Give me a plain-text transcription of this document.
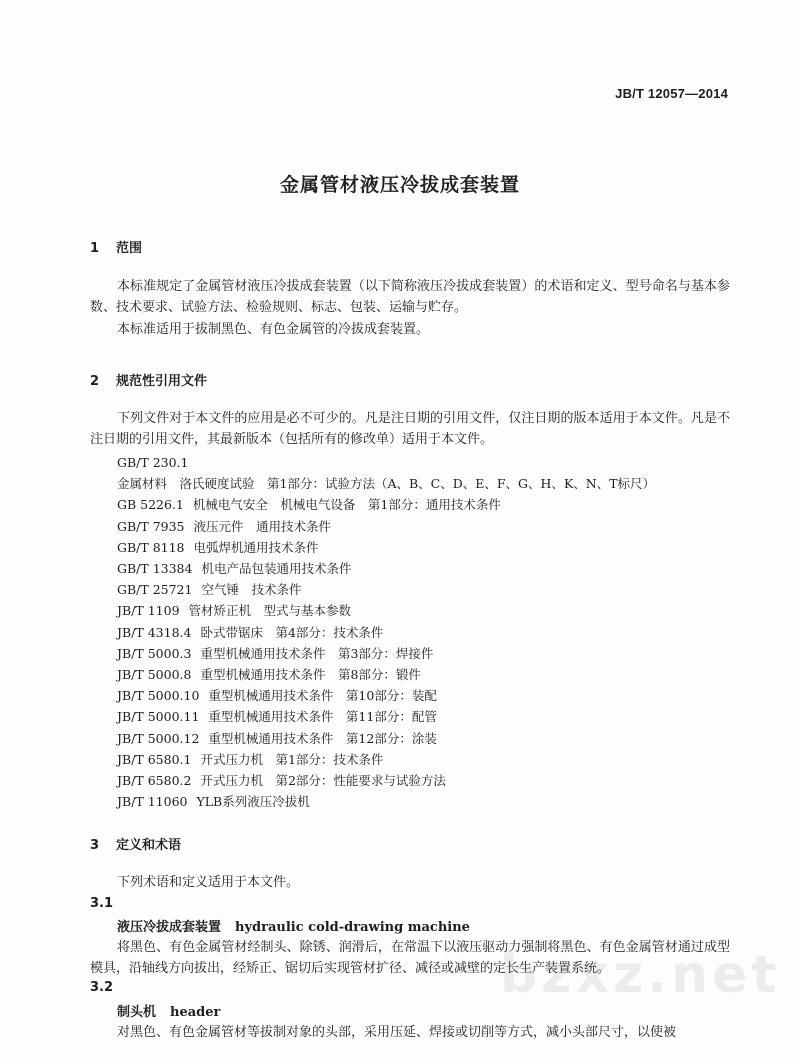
JB/T 12057—2014
金属管材液压冷拔成套装置
1 范围
本标准规定了金属管材液压冷拔成套装置（以下简称液压冷拔成套装置）的术语和定义、型号命名与基本参数、技术要求、试验方法、检验规则、标志、包装、运输与贮存。
本标准适用于拔制黑色、有色金属管的冷拔成套装置。
2 规范性引用文件
下列文件对于本文件的应用是必不可少的。凡是注日期的引用文件，仅注日期的版本适用于本文件。凡是不注日期的引用文件，其最新版本（包括所有的修改单）适用于本文件。
GB/T 230.1金属材料　洛氏硬度试验　第1部分：试验方法（A、B、C、D、E、F、G、H、K、N、T标尺）
GB 5226.1 机械电气安全　机械电气设备　第1部分：通用技术条件
GB/T 7935 液压元件　通用技术条件
GB/T 8118 电弧焊机通用技术条件
GB/T 13384 机电产品包装通用技术条件
GB/T 25721 空气锤　技术条件
JB/T 1109 管材矫正机　型式与基本参数
JB/T 4318.4 卧式带锯床　第4部分：技术条件
JB/T 5000.3 重型机械通用技术条件　第3部分：焊接件
JB/T 5000.8 重型机械通用技术条件　第8部分：锻件
JB/T 5000.10 重型机械通用技术条件　第10部分：装配
JB/T 5000.11 重型机械通用技术条件　第11部分：配管
JB/T 5000.12 重型机械通用技术条件　第12部分：涂装
JB/T 6580.1 开式压力机　第1部分：技术条件
JB/T 6580.2 开式压力机　第2部分：性能要求与试验方法
JB/T 11060 YLB系列液压冷拔机
3 定义和术语
下列术语和定义适用于本文件。
3.1
液压冷拔成套装置 hydraulic cold-drawing machine
将黑色、有色金属管材经制头、除锈、润滑后，在常温下以液压驱动力强制将黑色、有色金属管材通过成型模具，沿轴线方向拔出，经矫正、锯切后实现管材扩径、减径或减壁的定长生产装置系统。
3.2
制头机 header
对黑色、有色金属管材等拔制对象的头部，采用压延、焊接或切削等方式，减小头部尺寸，以使被
bzxz.net
